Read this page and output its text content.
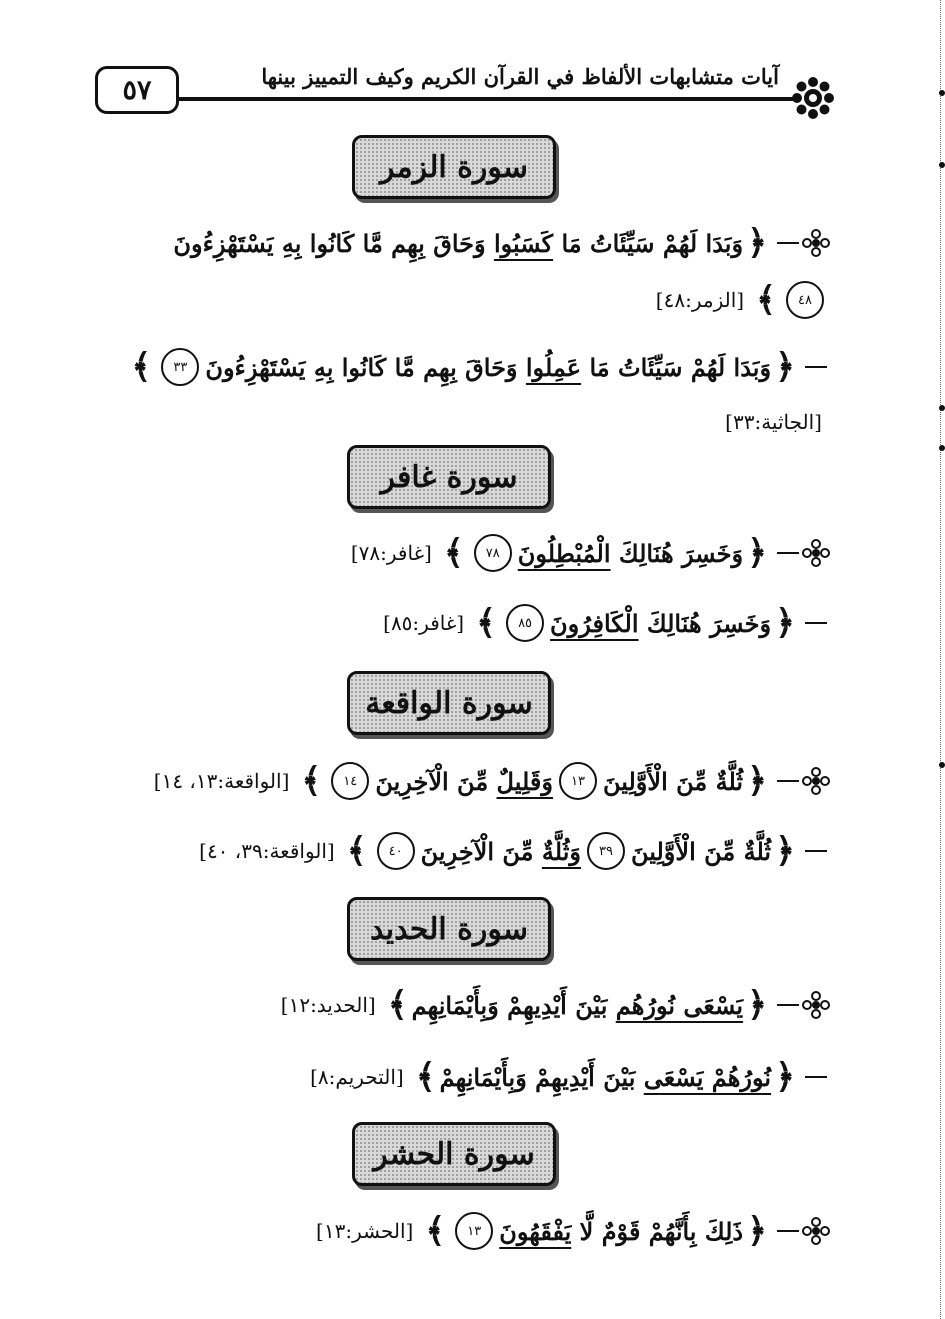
٥٧	آيات متشابهات الألفاظ في القرآن الكريم وكيف التمييز بينها
سورة الزمر
﴿
وَبَدَا لَهُمْ سَيِّئَاتُ مَا كَسَبُوا وَحَاقَ بِهِم مَّا كَانُوا بِهِ يَسْتَهْزِءُونَ
٤٨
﴾
[الزمر:٤٨]
﴿
وَبَدَا لَهُمْ سَيِّئَاتُ مَا عَمِلُوا وَحَاقَ بِهِم مَّا كَانُوا بِهِ يَسْتَهْزِءُونَ
٣٣
﴾
[الجاثية:٣٣]
سورة غافر
﴿
وَخَسِرَ هُنَالِكَ الْمُبْطِلُونَ
٧٨
﴾
[غافر:٧٨]
﴿
وَخَسِرَ هُنَالِكَ الْكَافِرُونَ
٨٥
﴾
[غافر:٨٥]
سورة الواقعة
﴿
ثُلَّةٌ مِّنَ الْأَوَّلِينَ
١٣
وَقَلِيلٌ مِّنَ الْآخِرِينَ
١٤
﴾
[الواقعة:١٣، ١٤]
﴿
ثُلَّةٌ مِّنَ الْأَوَّلِينَ
٣٩
وَثُلَّةٌ مِّنَ الْآخِرِينَ
٤٠
﴾
[الواقعة:٣٩، ٤٠]
سورة الحديد
﴿
يَسْعَى نُورُهُم بَيْنَ أَيْدِيهِمْ وَبِأَيْمَانِهِم
﴾
[الحديد:١٢]
﴿
نُورُهُمْ يَسْعَى بَيْنَ أَيْدِيهِمْ وَبِأَيْمَانِهِمْ
﴾
[التحريم:٨]
سورة الحشر
﴿
ذَلِكَ بِأَنَّهُمْ قَوْمٌ لَّا يَفْقَهُونَ
١٣
﴾
[الحشر:١٣]
